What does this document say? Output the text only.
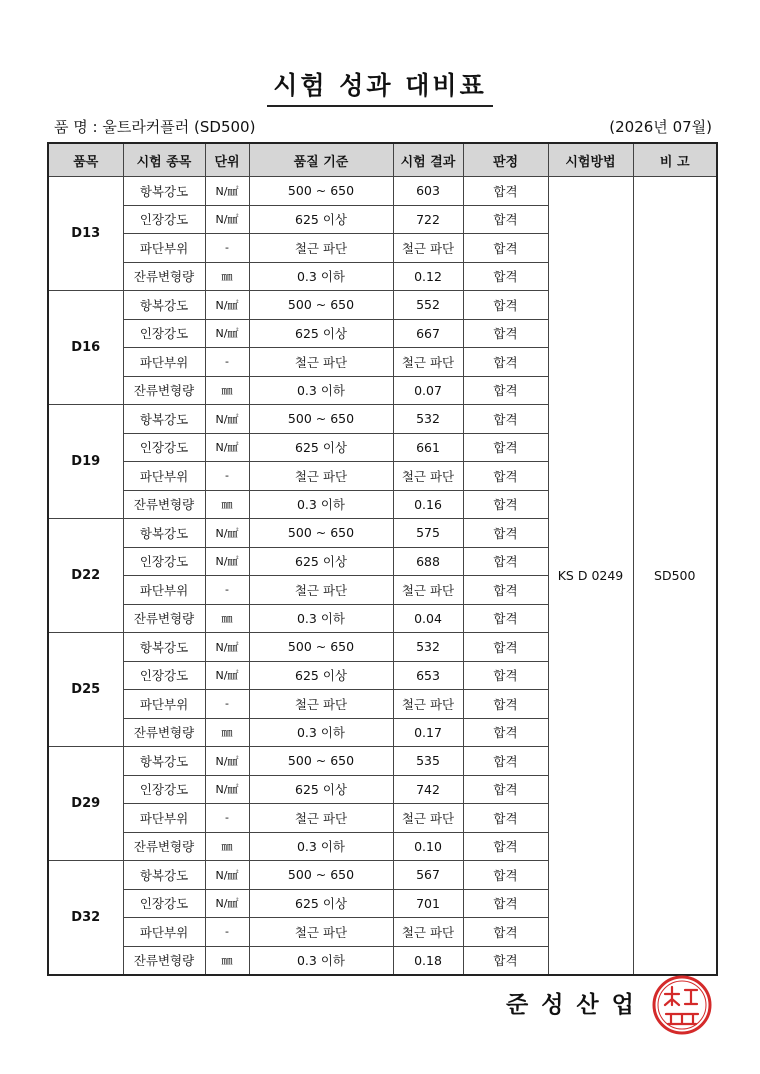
시험 성과 대비표
품 명 : 울트라커플러 (SD500)	(2026년 07월)
품목	시험 종목	단위	품질 기준	시험 결과	판정	시험방법	비 고
D13	항복강도	N/㎟	500 ~ 650	603	합격	KS D 0249	SD500
	인장강도	N/㎟	625 이상	722	합격		
	파단부위	-	철근 파단	철근 파단	합격		
	잔류변형량	㎜	0.3 이하	0.12	합격		
D16	항복강도	N/㎟	500 ~ 650	552	합격		
	인장강도	N/㎟	625 이상	667	합격		
	파단부위	-	철근 파단	철근 파단	합격		
	잔류변형량	㎜	0.3 이하	0.07	합격		
D19	항복강도	N/㎟	500 ~ 650	532	합격		
	인장강도	N/㎟	625 이상	661	합격		
	파단부위	-	철근 파단	철근 파단	합격		
	잔류변형량	㎜	0.3 이하	0.16	합격		
D22	항복강도	N/㎟	500 ~ 650	575	합격		
	인장강도	N/㎟	625 이상	688	합격		
	파단부위	-	철근 파단	철근 파단	합격		
	잔류변형량	㎜	0.3 이하	0.04	합격		
D25	항복강도	N/㎟	500 ~ 650	532	합격		
	인장강도	N/㎟	625 이상	653	합격		
	파단부위	-	철근 파단	철근 파단	합격		
	잔류변형량	㎜	0.3 이하	0.17	합격		
D29	항복강도	N/㎟	500 ~ 650	535	합격		
	인장강도	N/㎟	625 이상	742	합격		
	파단부위	-	철근 파단	철근 파단	합격		
	잔류변형량	㎜	0.3 이하	0.10	합격		
D32	항복강도	N/㎟	500 ~ 650	567	합격		
	인장강도	N/㎟	625 이상	701	합격		
	파단부위	-	철근 파단	철근 파단	합격		
	잔류변형량	㎜	0.3 이하	0.18	합격		
준성산업
